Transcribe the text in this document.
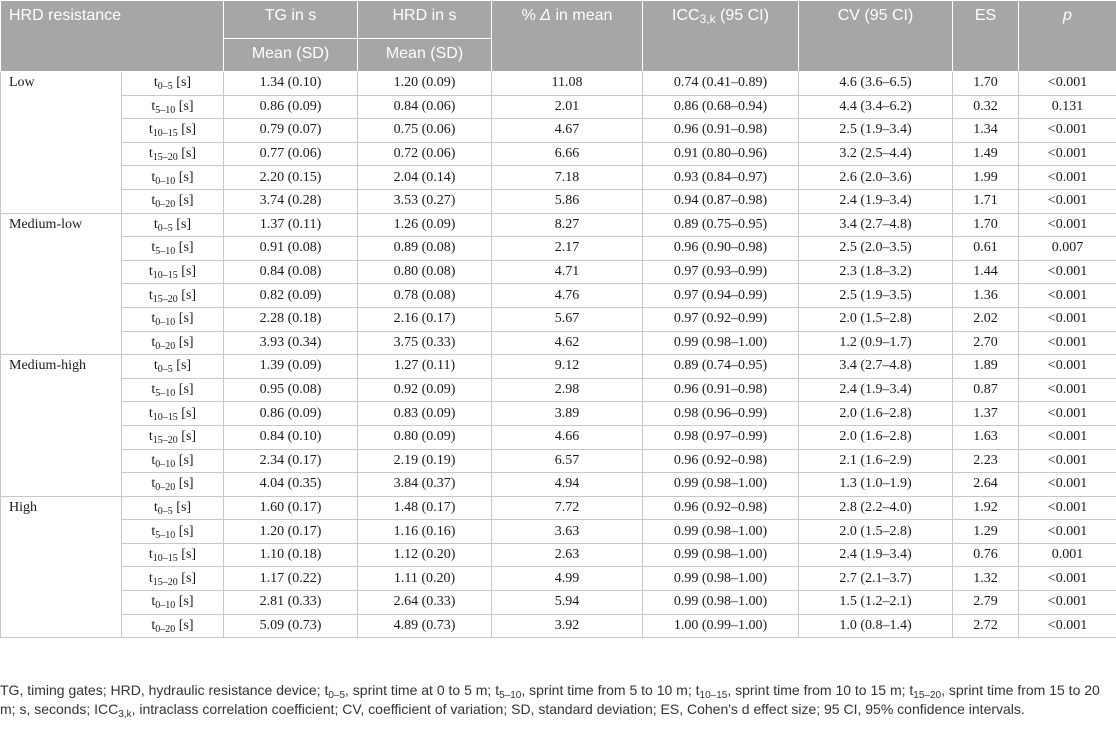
HRD resistance		TG in s	HRD in s	% Δ in mean	$ICC_{3,k}$ (95 CI)	CV (95 CI)	ES	p
		Mean (SD)	Mean (SD)					
Low	$t_{0-5}$ [s]	1.34 (0.10)	1.20 (0.09)	11.08	0.74 (0.41–0.89)	4.6 (3.6–6.5)	1.70	<0.001
	$t_{5-10}$ [s]	0.86 (0.09)	0.84 (0.06)	2.01	0.86 (0.68–0.94)	4.4 (3.4–6.2)	0.32	0.131
	$t_{10-15}$ [s]	0.79 (0.07)	0.75 (0.06)	4.67	0.96 (0.91–0.98)	2.5 (1.9–3.4)	1.34	<0.001
	$t_{15-20}$ [s]	0.77 (0.06)	0.72 (0.06)	6.66	0.91 (0.80–0.96)	3.2 (2.5–4.4)	1.49	<0.001
	$t_{0-10}$ [s]	2.20 (0.15)	2.04 (0.14)	7.18	0.93 (0.84–0.97)	2.6 (2.0–3.6)	1.99	<0.001
	$t_{0-20}$ [s]	3.74 (0.28)	3.53 (0.27)	5.86	0.94 (0.87–0.98)	2.4 (1.9–3.4)	1.71	<0.001
Medium-low	$t_{0-5}$ [s]	1.37 (0.11)	1.26 (0.09)	8.27	0.89 (0.75–0.95)	3.4 (2.7–4.8)	1.70	<0.001
	$t_{5-10}$ [s]	0.91 (0.08)	0.89 (0.08)	2.17	0.96 (0.90–0.98)	2.5 (2.0–3.5)	0.61	0.007
	$t_{10-15}$ [s]	0.84 (0.08)	0.80 (0.08)	4.71	0.97 (0.93–0.99)	2.3 (1.8–3.2)	1.44	<0.001
	$t_{15-20}$ [s]	0.82 (0.09)	0.78 (0.08)	4.76	0.97 (0.94–0.99)	2.5 (1.9–3.5)	1.36	<0.001
	$t_{0-10}$ [s]	2.28 (0.18)	2.16 (0.17)	5.67	0.97 (0.92–0.99)	2.0 (1.5–2.8)	2.02	<0.001
	$t_{0-20}$ [s]	3.93 (0.34)	3.75 (0.33)	4.62	0.99 (0.98–1.00)	1.2 (0.9–1.7)	2.70	<0.001
Medium-high	$t_{0-5}$ [s]	1.39 (0.09)	1.27 (0.11)	9.12	0.89 (0.74–0.95)	3.4 (2.7–4.8)	1.89	<0.001
	$t_{5-10}$ [s]	0.95 (0.08)	0.92 (0.09)	2.98	0.96 (0.91–0.98)	2.4 (1.9–3.4)	0.87	<0.001
	$t_{10-15}$ [s]	0.86 (0.09)	0.83 (0.09)	3.89	0.98 (0.96–0.99)	2.0 (1.6–2.8)	1.37	<0.001
	$t_{15-20}$ [s]	0.84 (0.10)	0.80 (0.09)	4.66	0.98 (0.97–0.99)	2.0 (1.6–2.8)	1.63	<0.001
	$t_{0-10}$ [s]	2.34 (0.17)	2.19 (0.19)	6.57	0.96 (0.92–0.98)	2.1 (1.6–2.9)	2.23	<0.001
	$t_{0-20}$ [s]	4.04 (0.35)	3.84 (0.37)	4.94	0.99 (0.98–1.00)	1.3 (1.0–1.9)	2.64	<0.001
High	$t_{0-5}$ [s]	1.60 (0.17)	1.48 (0.17)	7.72	0.96 (0.92–0.98)	2.8 (2.2–4.0)	1.92	<0.001
	$t_{5-10}$ [s]	1.20 (0.17)	1.16 (0.16)	3.63	0.99 (0.98–1.00)	2.0 (1.5–2.8)	1.29	<0.001
	$t_{10-15}$ [s]	1.10 (0.18)	1.12 (0.20)	2.63	0.99 (0.98–1.00)	2.4 (1.9–3.4)	0.76	0.001
	$t_{15-20}$ [s]	1.17 (0.22)	1.11 (0.20)	4.99	0.99 (0.98–1.00)	2.7 (2.1–3.7)	1.32	<0.001
	$t_{0-10}$ [s]	2.81 (0.33)	2.64 (0.33)	5.94	0.99 (0.98–1.00)	1.5 (1.2–2.1)	2.79	<0.001
	$t_{0-20}$ [s]	5.09 (0.73)	4.89 (0.73)	3.92	1.00 (0.99–1.00)	1.0 (0.8–1.4)	2.72	<0.001
TG, timing gates; HRD, hydraulic resistance device; $t_{0-5}$, sprint time at 0 to 5 m; $t_{5-10}$, sprint time from 5 to 10 m; $t_{10-15}$, sprint time from 10 to 15 m; $t_{15-20}$, sprint time from 15 to 20 m; s, seconds; $ICC_{3,k}$, intraclass correlation coefficient; CV, coefficient of variation; SD, standard deviation; ES, Cohen's d effect size; 95 CI, 95% confidence intervals.
